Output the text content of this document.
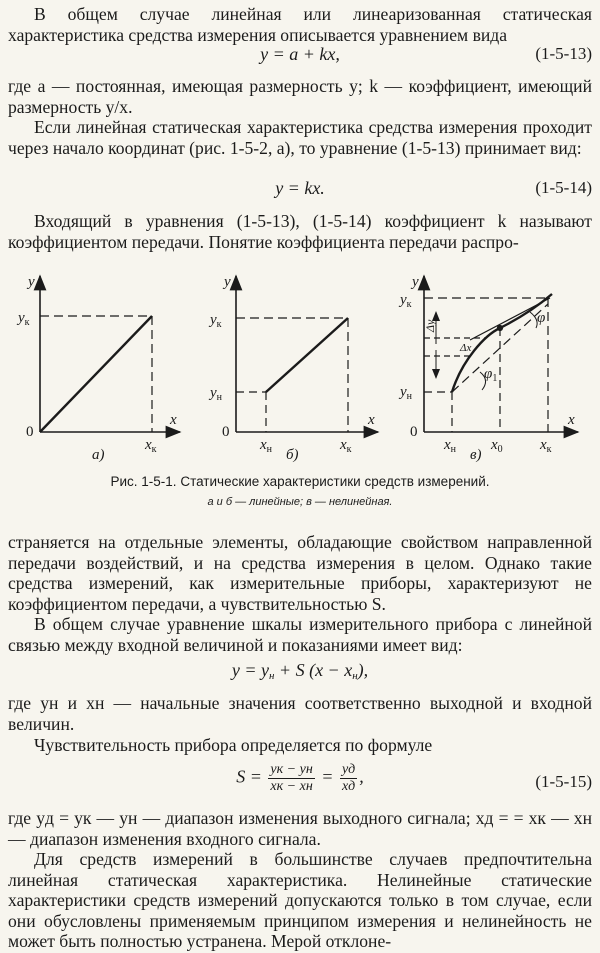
В общем случае линейная или линеаризованная статическая характеристика средства измерения описывается уравнением вида

y = a + kx,	(1-5-13)

где a — постоянная, имеющая размерность y; k — коэффициент, имеющий размерность y/x.

Если линейная статическая характеристика средства измерения проходит через начало координат (рис. 1-5-2, а), то уравнение (1-5-13) принимает вид:

y = kx.	(1-5-14)

Входящий в уравнения (1-5-13), (1-5-14) коэффициент k называют коэффициентом передачи. Понятие коэффициента передачи распро-

y
x
0
$y_к$
$x_к$
а)
y
x
0
$y_к$
$y_н$
$x_н$	$x_к$
б)
y
x
0
$y_к$
$y_н$
$x_н$ $x_0$ $x_к$
Δy
Δx
φ
$\varphi_1$
в)
Рис. 1-5-1. Статические характеристики средств измерений.
а и б — линейные; в — нелинейная.

страняется на отдельные элементы, обладающие свойством направленной передачи воздействий, и на средства измерения в целом. Однако такие средства измерений, как измерительные приборы, характеризуют не коэффициентом передачи, а чувствительностью S.

В общем случае уравнение шкалы измерительного прибора с линейной связью между входной величиной и показаниями имеет вид:

$y = y_н + S$ $(x - x_н)$,

где yн и xн — начальные значения соответственно выходной и входной величин.

Чувствительность прибора определяется по формуле

$S = \frac{yк - yн}{xк - xн} = \frac{yд}{xд}$ ,	(1-5-15)

где yд = yк — yн — диапазон изменения выходного сигнала; xд = = xк — xн — диапазон изменения входного сигнала.

Для средств измерений в большинстве случаев предпочтительна линейная статическая характеристика. Нелинейные статические характеристики средств измерений допускаются только в том случае, если они обусловлены применяемым принципом измерения и нелинейность не может быть полностью устранена. Мерой отклоне-
